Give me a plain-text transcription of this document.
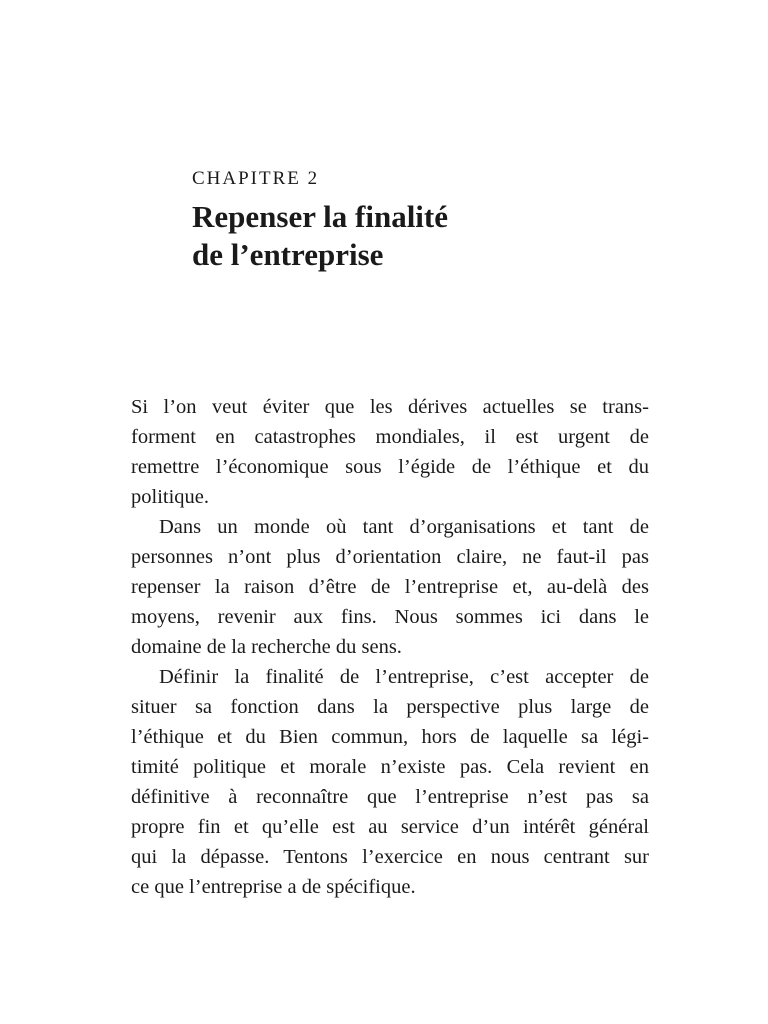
CHAPITRE 2
Repenser la finalité
de l’entreprise

Si l’on veut éviter que les dérives actuelles se trans-
forment en catastrophes mondiales, il est urgent de
remettre l’économique sous l’égide de l’éthique et du
politique.

Dans un monde où tant d’organisations et tant de
personnes n’ont plus d’orientation claire, ne faut-il pas
repenser la raison d’être de l’entreprise et, au-delà des
moyens, revenir aux fins. Nous sommes ici dans le
domaine de la recherche du sens.

Définir la finalité de l’entreprise, c’est accepter de
situer sa fonction dans la perspective plus large de
l’éthique et du Bien commun, hors de laquelle sa légi-
timité politique et morale n’existe pas. Cela revient en
définitive à reconnaître que l’entreprise n’est pas sa
propre fin et qu’elle est au service d’un intérêt général
qui la dépasse. Tentons l’exercice en nous centrant sur
ce que l’entreprise a de spécifique.
